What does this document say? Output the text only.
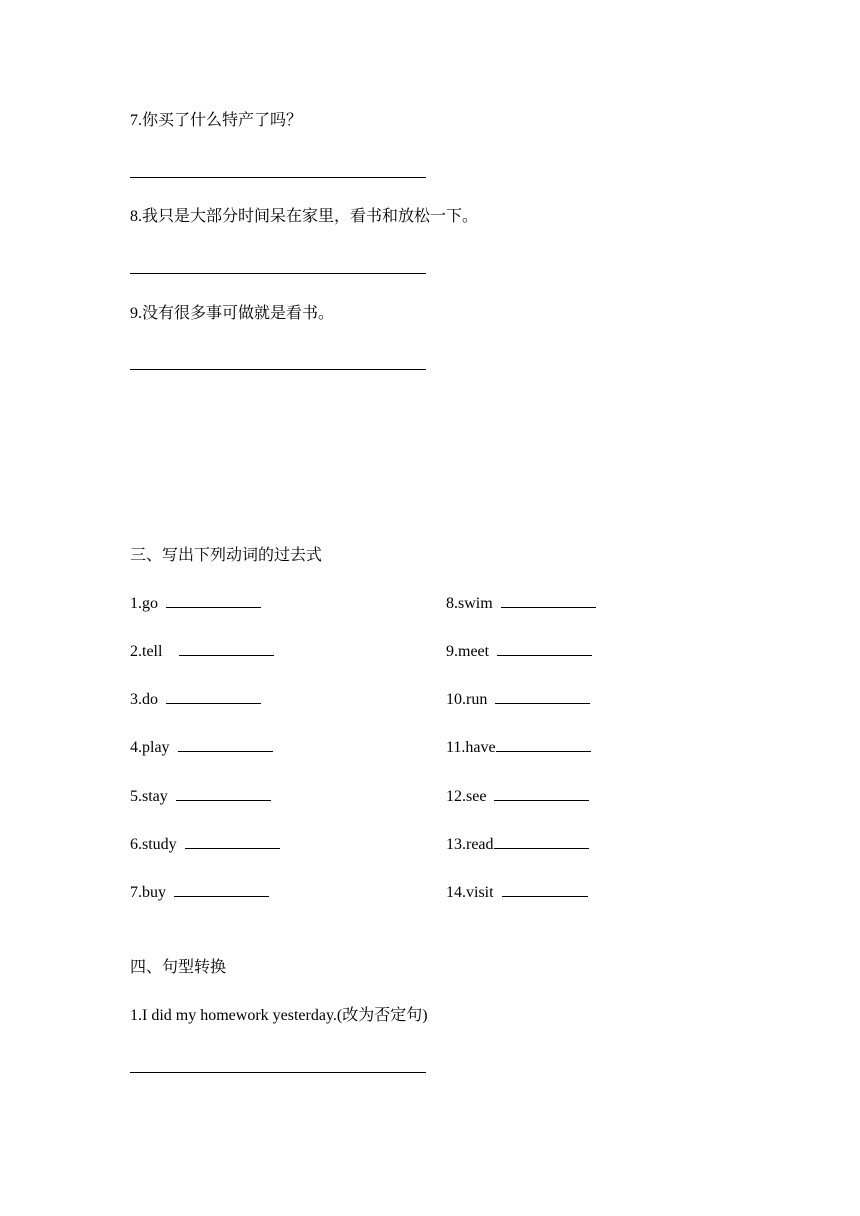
7.你买了什么特产了吗？
8.我只是大部分时间呆在家里，看书和放松一下。
9.没有很多事可做就是看书。
三、写出下列动词的过去式
1.go
2.tell
3.do
4.play
5.stay
6.study
7.buy
8.swim
9.meet
10.run
11.have
12.see
13.read
14.visit
四、句型转换
1.I did my homework yesterday.(改为否定句)
